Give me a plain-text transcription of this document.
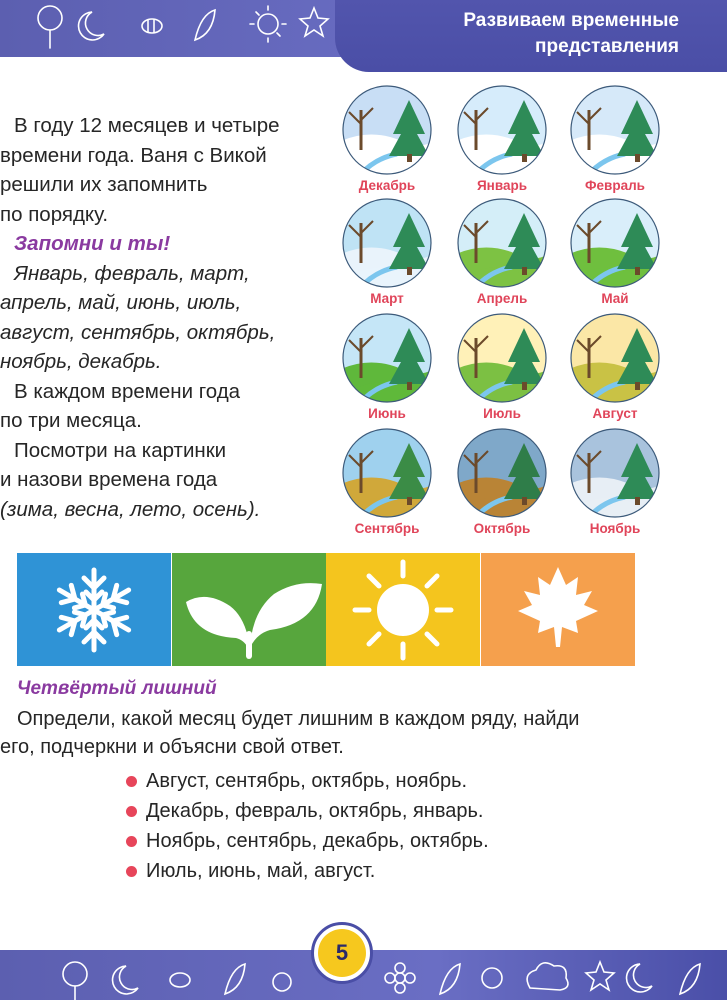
Развиваем временные
представления

В году 12 месяцев и четыре

времени года. Ваня с Викой

решили их запомнить

по порядку.

Запомни и ты!

Январь, февраль, март,

апрель, май, июнь, июль,

август, сентябрь, октябрь,

ноябрь, декабрь.

В каждом времени года

по три месяца.

Посмотри на картинки

и назови времена года

(зима, весна, лето, осень).

Декабрь	Январь	Февраль
Март	Апрель	Май
Июнь	Июль	Август
Сентябрь	Октябрь	Ноябрь
Четвёртый лишний

Определи, какой месяц будет лишним в каждом ряду, найди

его, подчеркни и объясни свой ответ.

Август, сентябрь, октябрь, ноябрь.
Декабрь, февраль, октябрь, январь.
Ноябрь, сентябрь, декабрь, октябрь.
Июль, июнь, май, август.
5
